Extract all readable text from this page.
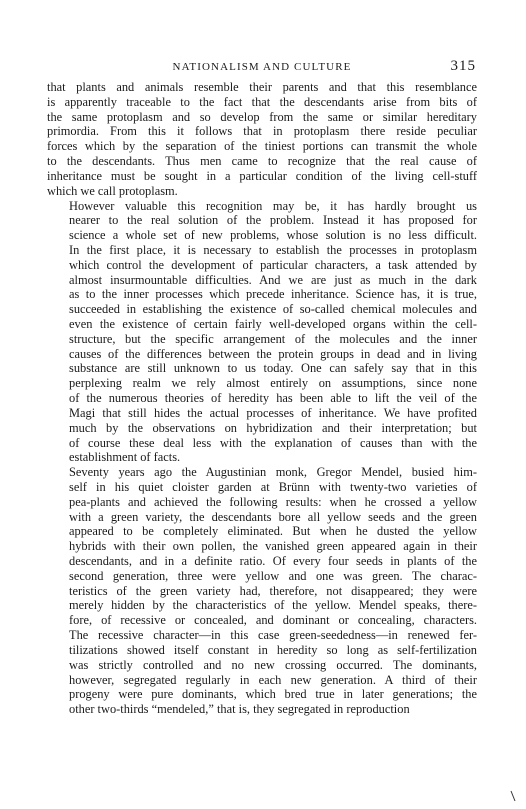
NATIONALISM AND CULTURE	315

that plants and animals resemble their parents and that this resemblance
is apparently traceable to the fact that the descendants arise from bits of
the same protoplasm and so develop from the same or similar hereditary
primordia. From this it follows that in protoplasm there reside peculiar
forces which by the separation of the tiniest portions can transmit the whole
to the descendants. Thus men came to recognize that the real cause of
inheritance must be sought in a particular condition of the living cell-stuff
which we call protoplasm.

However valuable this recognition may be, it has hardly brought us
nearer to the real solution of the problem. Instead it has proposed for
science a whole set of new problems, whose solution is no less difficult.
In the first place, it is necessary to establish the processes in protoplasm
which control the development of particular characters, a task attended by
almost insurmountable difficulties. And we are just as much in the dark
as to the inner processes which precede inheritance. Science has, it is true,
succeeded in establishing the existence of so-called chemical molecules and
even the existence of certain fairly well-developed organs within the cell-
structure, but the specific arrangement of the molecules and the inner
causes of the differences between the protein groups in dead and in living
substance are still unknown to us today. One can safely say that in this
perplexing realm we rely almost entirely on assumptions, since none
of the numerous theories of heredity has been able to lift the veil of the
Magi that still hides the actual processes of inheritance. We have profited
much by the observations on hybridization and their interpretation; but
of course these deal less with the explanation of causes than with the
establishment of facts.

Seventy years ago the Augustinian monk, Gregor Mendel, busied him-
self in his quiet cloister garden at Brünn with twenty-two varieties of
pea-plants and achieved the following results: when he crossed a yellow
with a green variety, the descendants bore all yellow seeds and the green
appeared to be completely eliminated. But when he dusted the yellow
hybrids with their own pollen, the vanished green appeared again in their
descendants, and in a definite ratio. Of every four seeds in plants of the
second generation, three were yellow and one was green. The charac-
teristics of the green variety had, therefore, not disappeared; they were
merely hidden by the characteristics of the yellow. Mendel speaks, there-
fore, of recessive or concealed, and dominant or concealing, characters.
The recessive character—in this case green-seededness—in renewed fer-
tilizations showed itself constant in heredity so long as self-fertilization
was strictly controlled and no new crossing occurred. The dominants,
however, segregated regularly in each new generation. A third of their
progeny were pure dominants, which bred true in later generations; the
other two-thirds “mendeled,” that is, they segregated in reproduction
